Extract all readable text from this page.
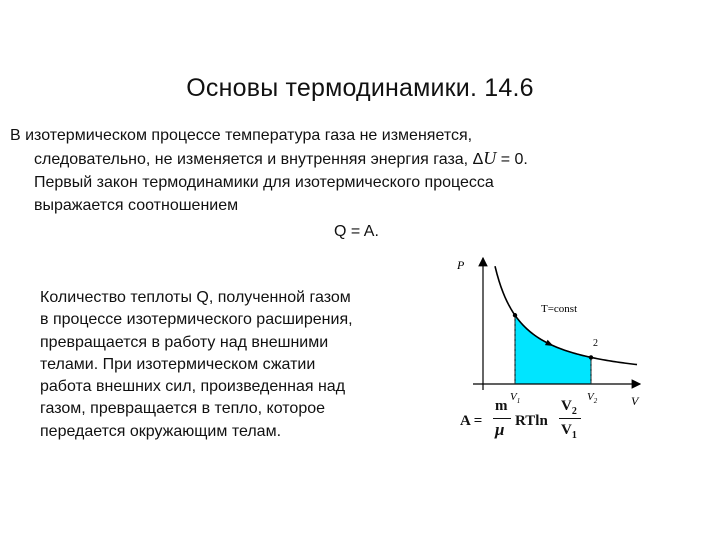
Основы термодинамики. 14.6
В изотермическом процессе температура газа не изменяется,
следовательно, не изменяется и внутренняя энергия газа, ΔU = 0.
Первый закон термодинамики для изотермического процесса
выражается соотношением
Q = A.
Количество теплоты Q, полученной газом
в процессе изотермического расширения,
превращается в работу над внешними
телами. При изотермическом сжатии
работа внешних сил, произведенная над
газом, превращается в тепло, которое
передается окружающим телам.
P
V
T=const
2
$V_1$	$V_2$
A =
m
μ RTln
$V_2$
$V_1$
